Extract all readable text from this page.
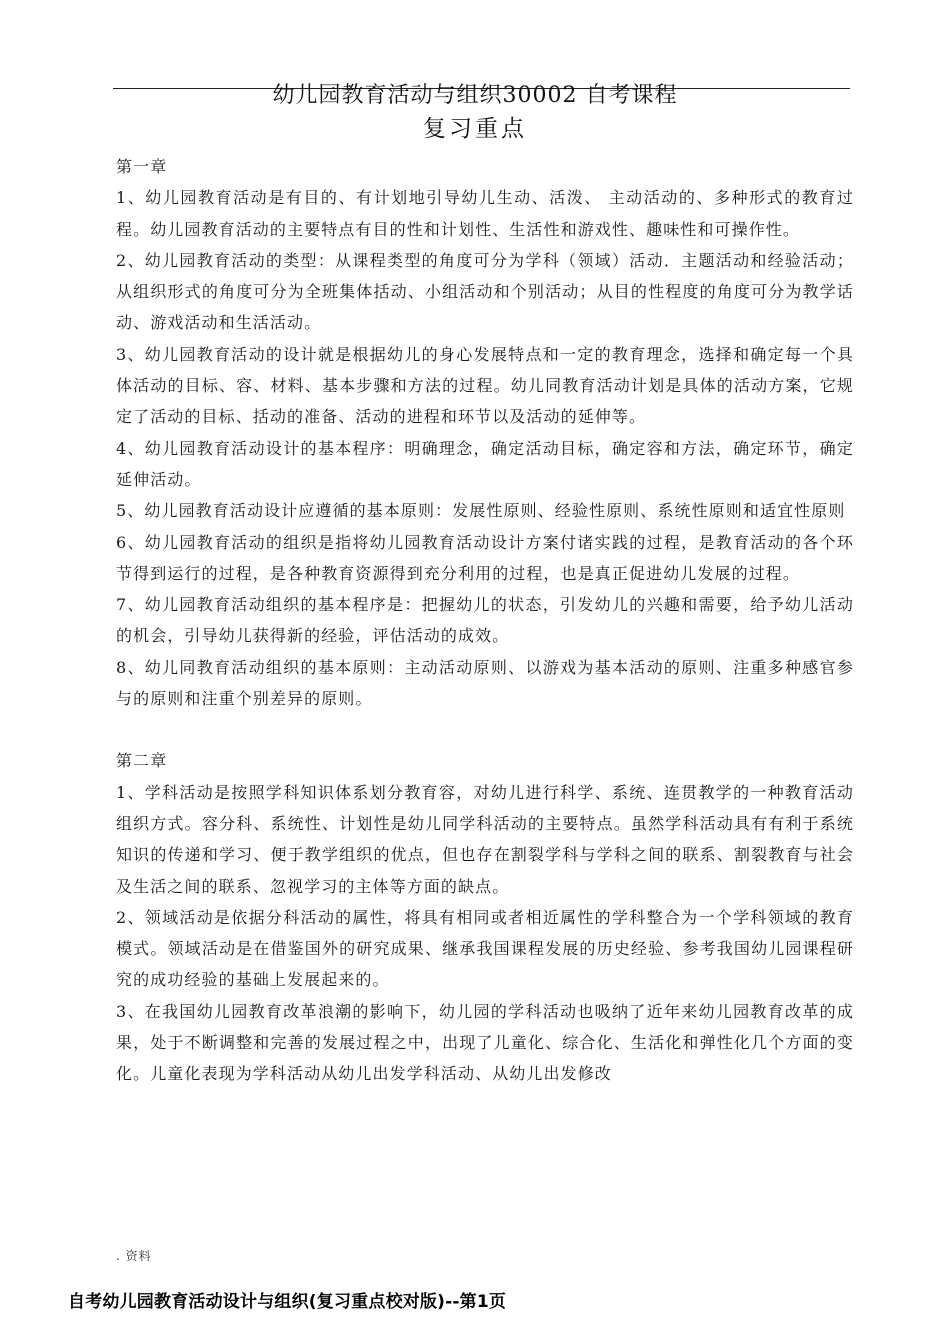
幼儿园教育活动与组织30002 自考课程
复习重点

第一章

1、幼儿园教育活动是有目的、有计划地引导幼儿生动、活泼、 主动活动的、多种形式的教育过程。幼儿园教育活动的主要特点有目的性和计划性、生活性和游戏性、趣味性和可操作性。

2、幼儿园教育活动的类型：从课程类型的角度可分为学科（领域）活动．主题活动和经验活动； 从组织形式的角度可分为全班集体括动、小组活动和个别活动；从目的性程度的角度可分为教学话动、游戏活动和生活活动。

3、幼儿园教育活动的设计就是根据幼儿的身心发展特点和一定的教育理念，选择和确定每一个具体活动的目标、容、材料、基本步骤和方法的过程。幼儿同教育活动计划是具体的活动方案，它规定了活动的目标、括动的准备、活动的进程和环节以及活动的延伸等。

4、幼儿园教育活动设计的基本程序：明确理念，确定活动目标，确定容和方法，确定环节，确定延伸活动。

5、幼儿园教育活动设计应遵循的基本原则：发展性原则、经验性原则、系统性原则和适宜性原则

6、幼儿园教育活动的组织是指将幼儿园教育活动设计方案付诸实践的过程，是教育活动的各个环节得到运行的过程，是各种教育资源得到充分利用的过程，也是真正促进幼儿发展的过程。

7、幼儿园教育活动组织的基本程序是：把握幼儿的状态，引发幼儿的兴趣和需要，给予幼儿活动的机会，引导幼儿获得新的经验，评估活动的成效。

8、幼儿同教育活动组织的基本原则：主动活动原则、以游戏为基本活动的原则、注重多种感官参与的原则和注重个别差异的原则。

第二章

1、学科活动是按照学科知识体系划分教育容，对幼儿进行科学、系统、连贯教学的一种教育活动组织方式。容分科、系统性、计划性是幼儿同学科活动的主要特点。虽然学科活动具有有利于系统知识的传递和学习、便于教学组织的优点，但也存在割裂学科与学科之间的联系、割裂教育与社会及生活之间的联系、忽视学习的主体等方面的缺点。

2、领域活动是依据分科活动的属性，将具有相同或者相近属性的学科整合为一个学科领域的教育模式。领域活动是在借鉴国外的研究成果、继承我国课程发展的历史经验、参考我国幼儿园课程研究的成功经验的基础上发展起来的。

3、在我国幼儿园教育改革浪潮的影响下，幼儿园的学科活动也吸纳了近年来幼儿园教育改革的成果，处于不断调整和完善的发展过程之中，出现了儿童化、综合化、生活化和弹性化几个方面的变化。儿童化表现为学科活动从幼儿出发学科活动、从幼儿出发修改

. 资料
自考幼儿园教育活动设计与组织(复习重点校对版)--第1页
